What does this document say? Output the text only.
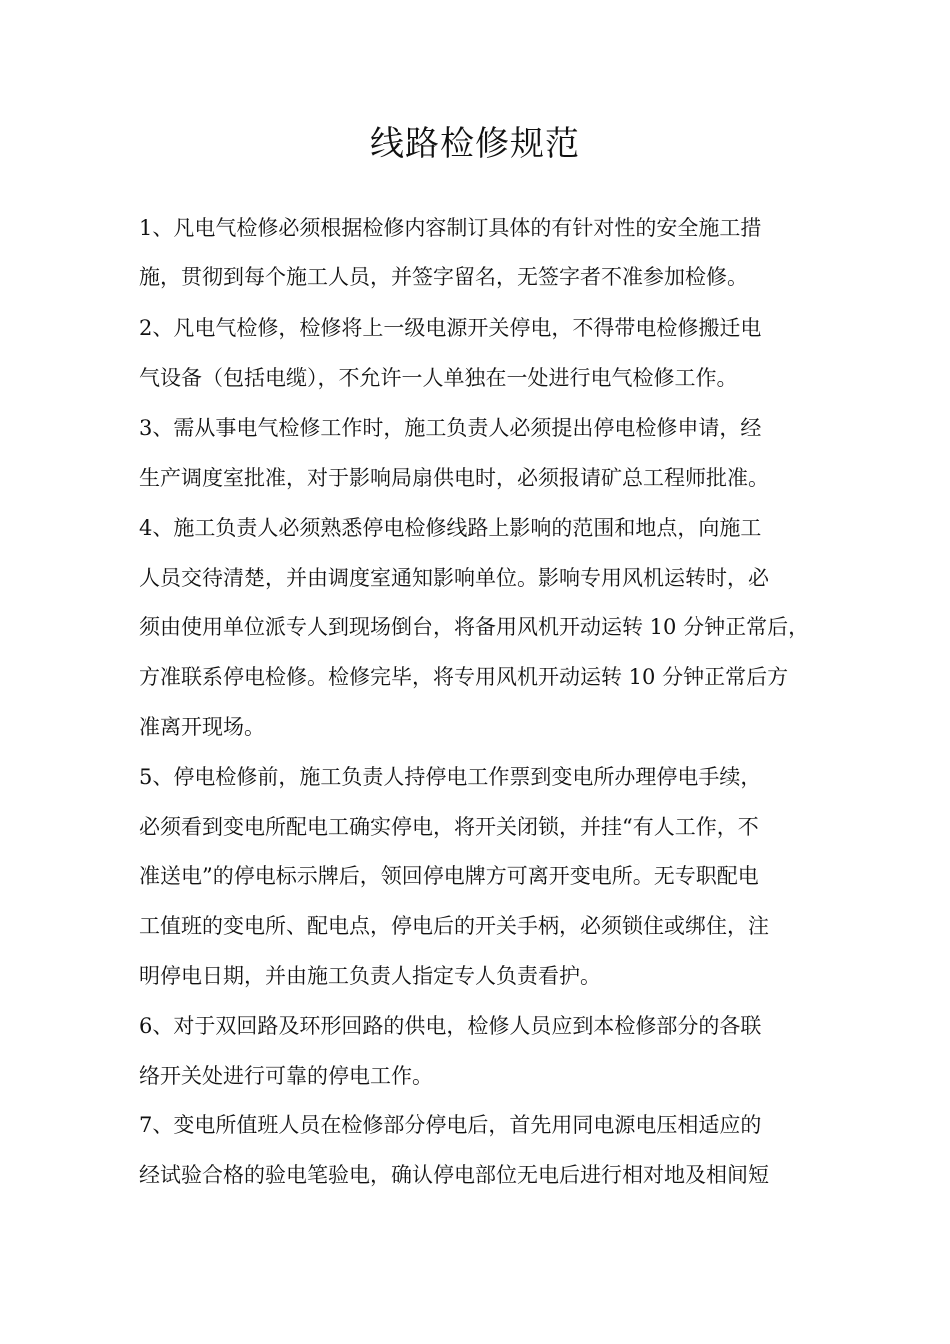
线路检修规范

1、凡电气检修必须根据检修内容制订具体的有针对性的安全施工措

施，贯彻到每个施工人员，并签字留名，无签字者不准参加检修。

2、凡电气检修，检修将上一级电源开关停电，不得带电检修搬迁电

气设备（包括电缆），不允许一人单独在一处进行电气检修工作。

3、需从事电气检修工作时，施工负责人必须提出停电检修申请，经

生产调度室批准，对于影响局扇供电时，必须报请矿总工程师批准。

4、施工负责人必须熟悉停电检修线路上影响的范围和地点，向施工

人员交待清楚，并由调度室通知影响单位。影响专用风机运转时，必

须由使用单位派专人到现场倒台，将备用风机开动运转 10 分钟正常后，

方准联系停电检修。检修完毕，将专用风机开动运转 10 分钟正常后方

准离开现场。

5、停电检修前，施工负责人持停电工作票到变电所办理停电手续，

必须看到变电所配电工确实停电，将开关闭锁，并挂“有人工作，不

准送电”的停电标示牌后，领回停电牌方可离开变电所。无专职配电

工值班的变电所、配电点，停电后的开关手柄，必须锁住或绑住，注

明停电日期，并由施工负责人指定专人负责看护。

6、对于双回路及环形回路的供电，检修人员应到本检修部分的各联

络开关处进行可靠的停电工作。

7、变电所值班人员在检修部分停电后，首先用同电源电压相适应的

经试验合格的验电笔验电，确认停电部位无电后进行相对地及相间短
